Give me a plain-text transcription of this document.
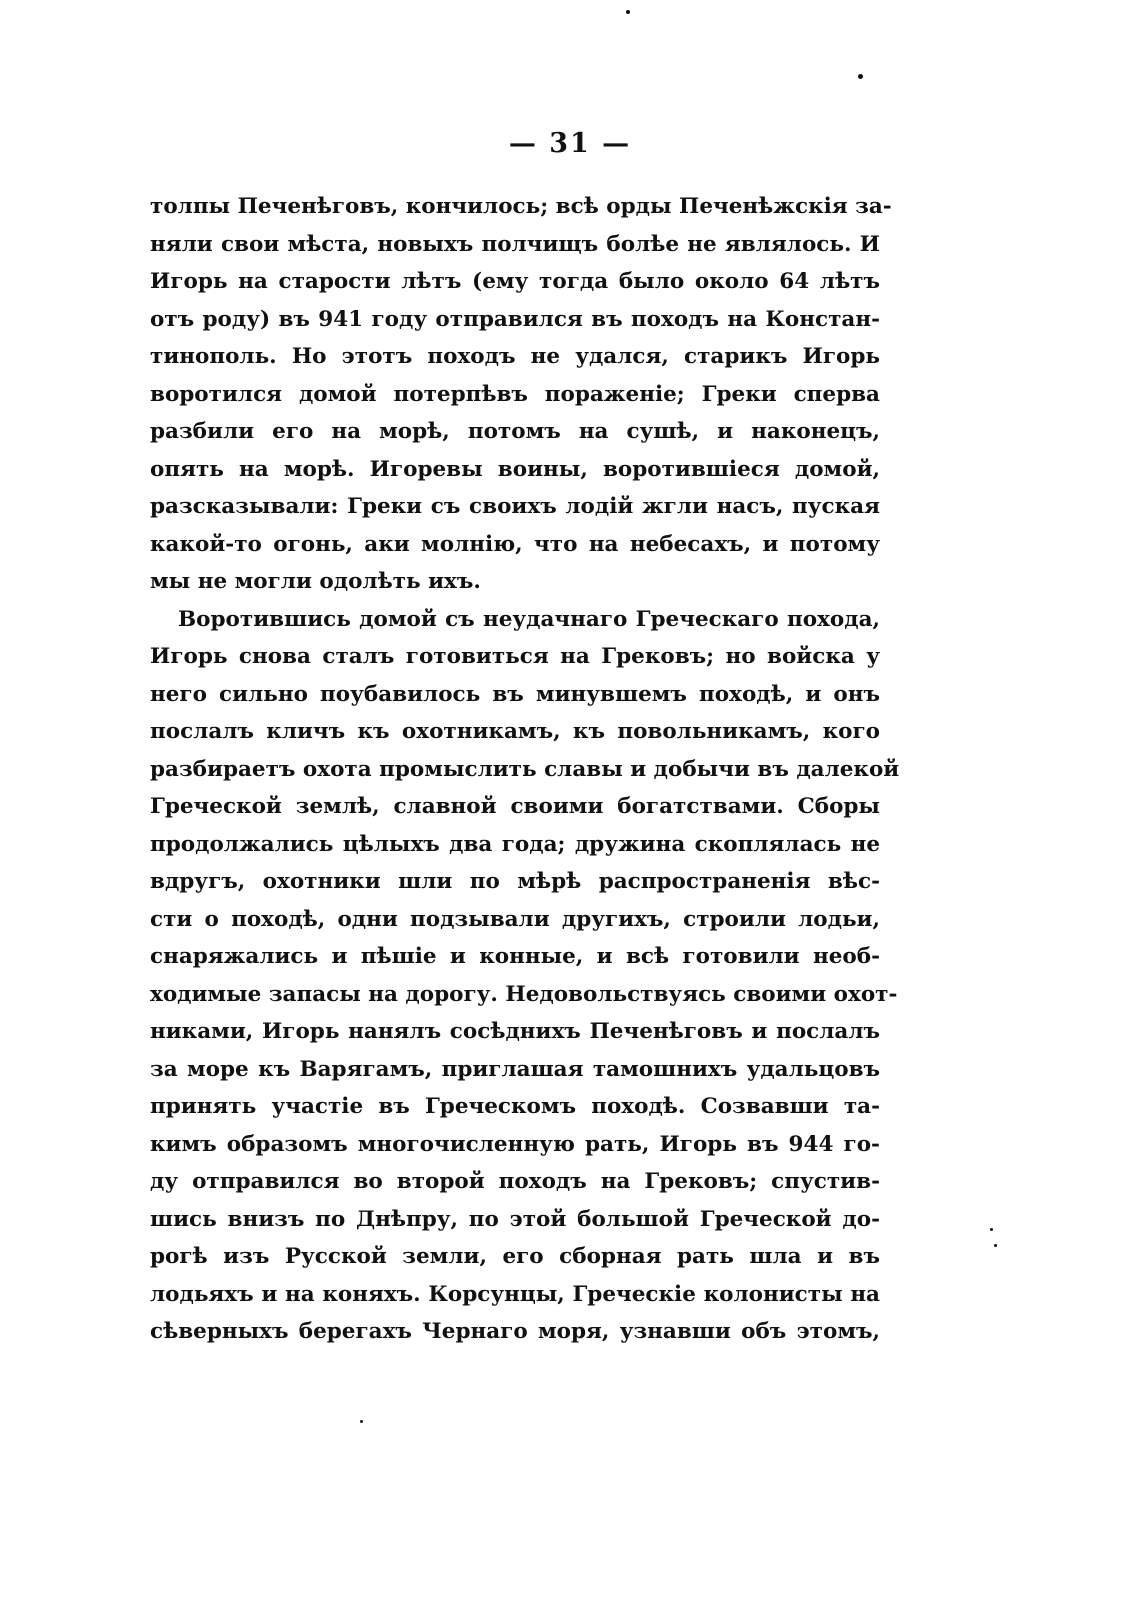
— 31 —
толпы Печенѣговъ, кончилось; всѣ орды Печенѣжскія за-
няли свои мѣста, новыхъ полчищъ болѣе не являлось. И
Игорь на старости лѣтъ (ему тогда было около 64 лѣтъ
отъ роду) въ 941 году отправился въ походъ на Констан-
тинополь. Но этотъ походъ не удался, старикъ Игорь
воротился домой потерпѣвъ пораженіе; Греки сперва
разбили его на морѣ, потомъ на сушѣ, и наконецъ,
опять на морѣ. Игоревы воины, воротившіеся домой,
разсказывали: Греки съ своихъ лодій жгли насъ, пуская
какой-то огонь, аки молнію, что на небесахъ, и потому
мы не могли одолѣть ихъ.
Воротившись домой съ неудачнаго Греческаго похода,
Игорь снова сталъ готовиться на Грековъ; но войска у
него сильно поубавилось въ минувшемъ походѣ, и онъ
послалъ кличъ къ охотникамъ, къ повольникамъ, кого
разбираетъ охота промыслить славы и добычи въ далекой
Греческой землѣ, славной своими богатствами. Сборы
продолжались цѣлыхъ два года; дружина скоплялась не
вдругъ, охотники шли по мѣрѣ распространенія вѣс-
сти о походѣ, одни подзывали другихъ, строили лодьи,
снаряжались и пѣшіе и конные, и всѣ готовили необ-
ходимые запасы на дорогу. Недовольствуясь своими охот-
никами, Игорь нанялъ сосѣднихъ Печенѣговъ и послалъ
за море къ Варягамъ, приглашая тамошнихъ удальцовъ
принять участіе въ Греческомъ походѣ. Созвавши та-
кимъ образомъ многочисленную рать, Игорь въ 944 го-
ду отправился во второй походъ на Грековъ; спустив-
шись внизъ по Днѣпру, по этой большой Греческой до-
рогѣ изъ Русской земли, его сборная рать шла и въ
лодьяхъ и на коняхъ. Корсунцы, Греческіе колонисты на
сѣверныхъ берегахъ Чернаго моря, узнавши объ этомъ,
